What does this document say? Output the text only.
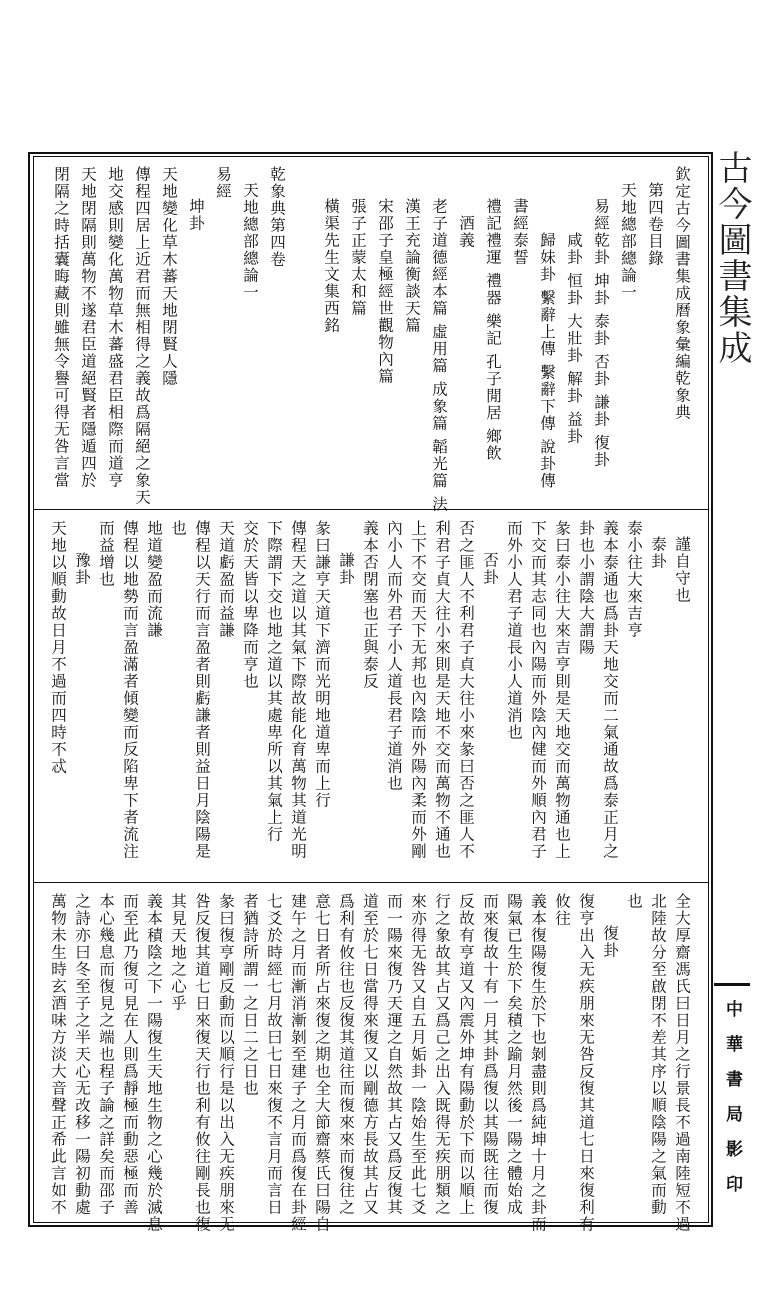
古今圖書集成
中華書局影印
欽定古今圖書集成曆象彙編乾象典
第四卷目錄
天地總部總論一
易經乾卦 坤卦 泰卦 否卦 謙卦 復卦
　　咸卦 恒卦 大壯卦 解卦 益卦
　　歸妹卦 繫辭上傳 繫辭下傳 說卦傳
書經泰誓
禮記禮運 禮器 樂記 孔子閒居 鄉飲
　酒義
老子道德經本篇 虛用篇 成象篇 韜光篇 法
漢王充論衡談天篇
宋邵子皇極經世觀物內篇
張子正蒙太和篇
橫渠先生文集西銘
乾象典第四卷
天地總部總論一
易經
坤卦
天地變化草木蕃天地閉賢人隱
傳程四居上近君而無相得之義故爲隔絕之象天
地交感則變化萬物草木蕃盛君臣相際而道亨
天地閉隔則萬物不遂君臣道絕賢者隱遁四於
閉隔之時括囊晦藏則雖無令譽可得无咎言當
謹自守也
泰卦
泰小往大來吉亨
義本泰通也爲卦天地交而二氣通故爲泰正月之
卦也小謂陰大謂陽
彖曰泰小往大來吉亨則是天地交而萬物通也上
下交而其志同也內陽而外陰內健而外順內君子
而外小人君子道長小人道消也
否卦
否之匪人不利君子貞大往小來彖曰否之匪人不
利君子貞大往小來則是天地不交而萬物不通也
上下不交而天下无邦也內陰而外陽內柔而外剛
內小人而外君子小人道長君子道消也
義本否閉塞也正與泰反
謙卦
彖曰謙亨天道下濟而光明地道卑而上行
傳程天之道以其氣下際故能化育萬物其道光明
下際謂下交也地之道以其處卑所以其氣上行
交於天皆以卑降而亨也
天道虧盈而益謙
傳程以天行而言盈者則虧謙者則益日月陰陽是
也
地道變盈而流謙
傳程以地勢而言盈滿者傾變而反陷卑下者流注
而益增也
豫卦
天地以順動故日月不過而四時不忒
全大厚齋馮氏曰日月之行景長不過南陸短不過
北陸故分至啟閉不差其序以順陰陽之氣而動
也
復卦
復亨出入无疾朋來无咎反復其道七日來復利有
攸往
義本復陽復生於下也剝盡則爲純坤十月之卦而
陽氣已生於下矣積之踰月然後一陽之體始成
而來復故十有一月其卦爲復以其陽既往而復
反故有亨道又內震外坤有陽動於下而以順上
行之象故其占又爲己之出入既得无疾朋類之
來亦得无咎又自五月姤卦一陰始生至此七爻
而一陽來復乃天運之自然故其占又爲反復其
道至於七日當得來復又以剛德方長故其占又
爲利有攸往也反復其道往而復來來而復往之
意七日者所占來復之期也全大節齋蔡氏曰陽自
建午之月而漸消漸剝至建子之月而爲復在卦經
七爻於時經七月故曰七日來復不言月而言日
者猶詩所謂一之日二之日也
彖曰復亨剛反動而以順行是以出入无疾朋來无
咎反復其道七日來復天行也利有攸往剛長也復
其見天地之心乎
義本積陰之下一陽復生天地生物之心幾於滅息
而至此乃復可見在人則爲靜極而動惡極而善
本心幾息而復見之端也程子論之詳矣而邵子
之詩亦曰冬至子之半天心无改移一陽初動處
萬物未生時玄酒味方淡大音聲正希此言如不
